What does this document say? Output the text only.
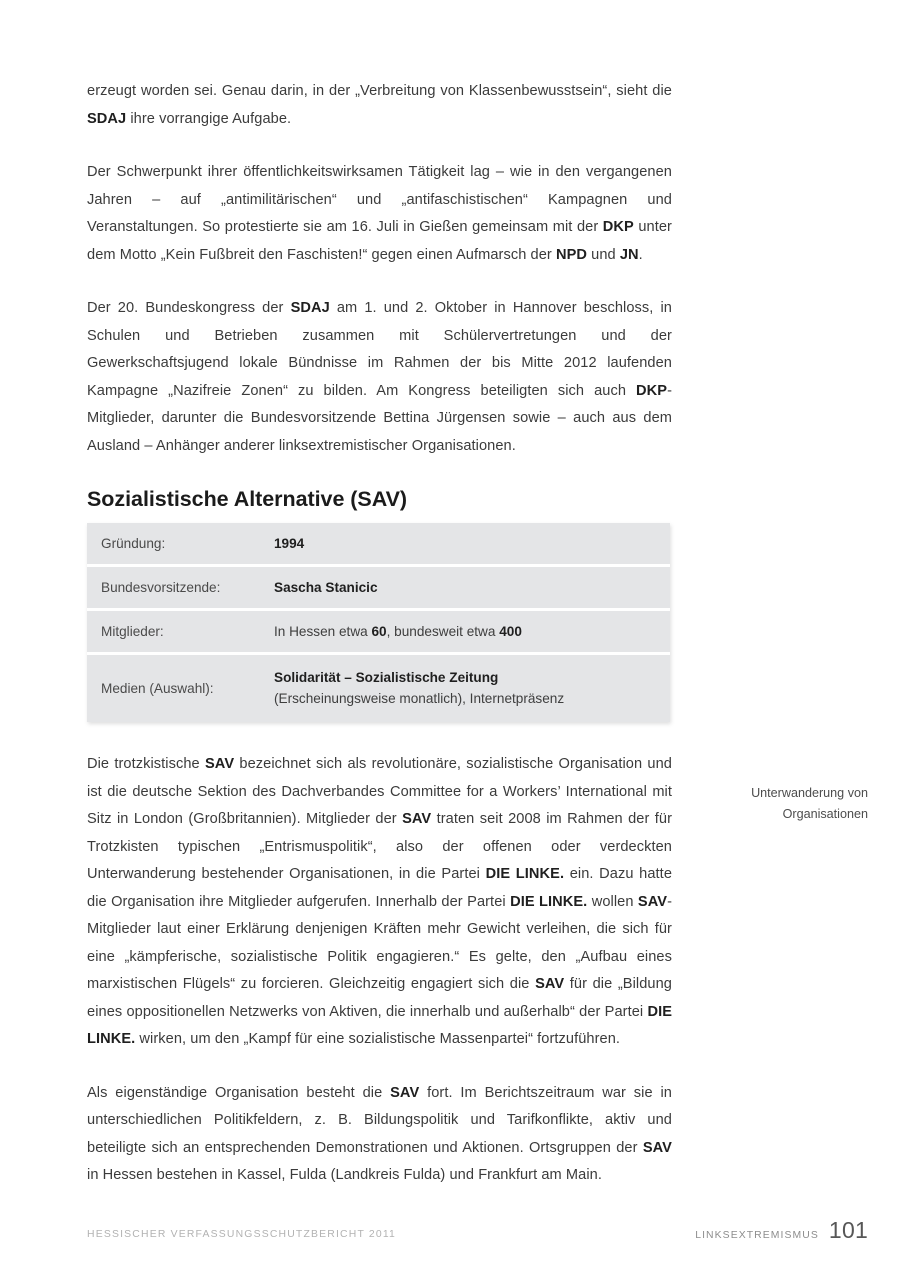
erzeugt worden sei. Genau darin, in der „Verbreitung von Klassenbewusstsein“, sieht die SDAJ ihre vorrangige Aufgabe.

Der Schwerpunkt ihrer öffentlichkeitswirksamen Tätigkeit lag – wie in den vergangenen Jahren – auf „antimilitärischen“ und „antifaschistischen“ Kampagnen und Veranstaltungen. So protestierte sie am 16. Juli in Gießen gemeinsam mit der DKP unter dem Motto „Kein Fußbreit den Faschisten!“ gegen einen Aufmarsch der NPD und JN.

Der 20. Bundeskongress der SDAJ am 1. und 2. Oktober in Hannover beschloss, in Schulen und Betrieben zusammen mit Schülervertretungen und der Gewerkschaftsjugend lokale Bündnisse im Rahmen der bis Mitte 2012 laufenden Kampagne „Nazifreie Zonen“ zu bilden. Am Kongress beteiligten sich auch DKP-Mitglieder, darunter die Bundesvorsitzende Bettina Jürgensen sowie – auch aus dem Ausland – Anhänger anderer linksextremistischer Organisationen.

Sozialistische Alternative (SAV)
Gründung:	1994
Bundesvorsitzende:	Sascha Stanicic
Mitglieder:	In Hessen etwa 60, bundesweit etwa 400
Medien (Auswahl):	Solidarität – Sozialistische Zeitung
(Erscheinungsweise monatlich), Internetpräsenz

Die trotzkistische SAV bezeichnet sich als revolutionäre, sozialistische Organisation und ist die deutsche Sektion des Dachverbandes Committee for a Workers’ International mit Sitz in London (Großbritannien). Mitglieder der SAV traten seit 2008 im Rahmen der für Trotzkisten typischen „Entrismuspolitik“, also der offenen oder verdeckten Unterwanderung bestehender Organisationen, in die Partei DIE LINKE. ein. Dazu hatte die Organisation ihre Mitglieder aufgerufen. Innerhalb der Partei DIE LINKE. wollen SAV-Mitglieder laut einer Erklärung denjenigen Kräften mehr Gewicht verleihen, die sich für eine „kämpferische, sozialistische Politik engagieren.“ Es gelte, den „Aufbau eines marxistischen Flügels“ zu forcieren. Gleichzeitig engagiert sich die SAV für die „Bildung eines oppositionellen Netzwerks von Aktiven, die innerhalb und außerhalb“ der Partei DIE LINKE. wirken, um den „Kampf für eine sozialistische Massenpartei“ fortzuführen.

Als eigenständige Organisation besteht die SAV fort. Im Berichtszeitraum war sie in unterschiedlichen Politikfeldern, z. B. Bildungspolitik und Tarifkonflikte, aktiv und beteiligte sich an entsprechenden Demonstrationen und Aktionen. Ortsgruppen der SAV in Hessen bestehen in Kassel, Fulda (Landkreis Fulda) und Frankfurt am Main.

Unterwanderung von
Organisationen
HESSISCHER VERFASSUNGSSCHUTZBERICHT 2011	LINKSEXTREMISMUS 101
